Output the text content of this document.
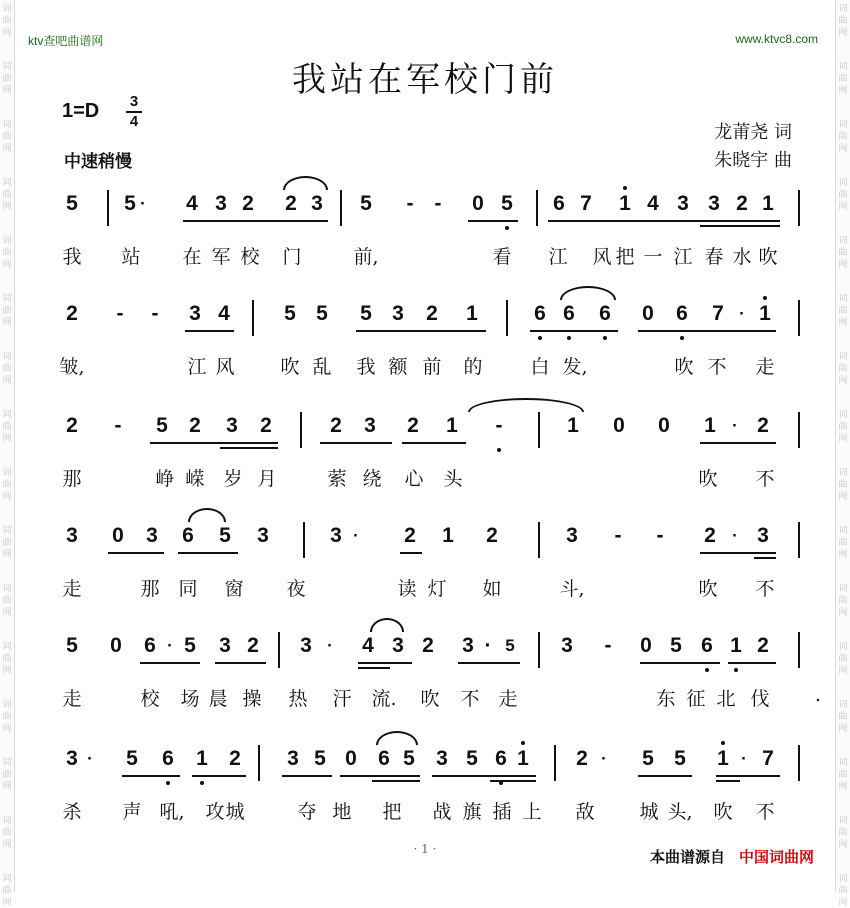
词
曲
网
词
曲
网
词
曲
网
词
曲
网
词
曲
网
词
曲
网
词
曲
网
词
曲
网
词
曲
网
词
曲
网
词
曲
网
词
曲
网
词
曲
网
词
曲
网
词
曲
网
词
曲
网
词
曲
网
词
曲
网
词
曲
网
词
曲
网
词
曲
网
词
曲
网
词
曲
网
词
曲
网
词
曲
网
词
曲
网
词
曲
网
词
曲
网
词
曲
网
词
曲
网
词
曲
网
词
曲
网
ktv查吧曲谱网	www.ktvc8.com
我站在军校门前
1=D 3
4
中速稍慢
龙莆尧 词
朱晓宇 曲
5 5 ·	4 3 2 2 3 5	-	-	0 5 6 7 1 4 3 3 2 1
我 站 在 军 校 门	前,	看 江 风 把 一 江 春 水 吹
2	-	-	3 4	5 5 5 3 2 1	6 6 6 0 6 7 · 1
皱,	江 风 吹 乱 我 额 前 的	白 发,	吹 不 走
2	-	5 2 3 2	2 3 2 1	-	1 0 0 1 · 2
那	峥 嵘 岁 月	萦 绕 心 头	吹 不
3 0 3 6 5 3	3 ·	2 1 2	3	-	-	2 · 3
走	那 同 窗 夜	读 灯 如	斗,	吹 不
5 0 6 · 5 3 2 3 ·	4 3 2 3 · 5 3	-	0 5 6 1 2
走	校 场 晨 操 热 汗 流. 吹 不 走	东 征 北 伐	.
3 ·	5 6 1 2 3 5 0 6 5 3 5 6 1 2 ·	5 5 1 · 7
杀 声 吼, 攻 城	夺 地 把 战 旗 插 上 敌 城 头, 吹 不
· 1 ·	本曲谱源自 中国词曲网
